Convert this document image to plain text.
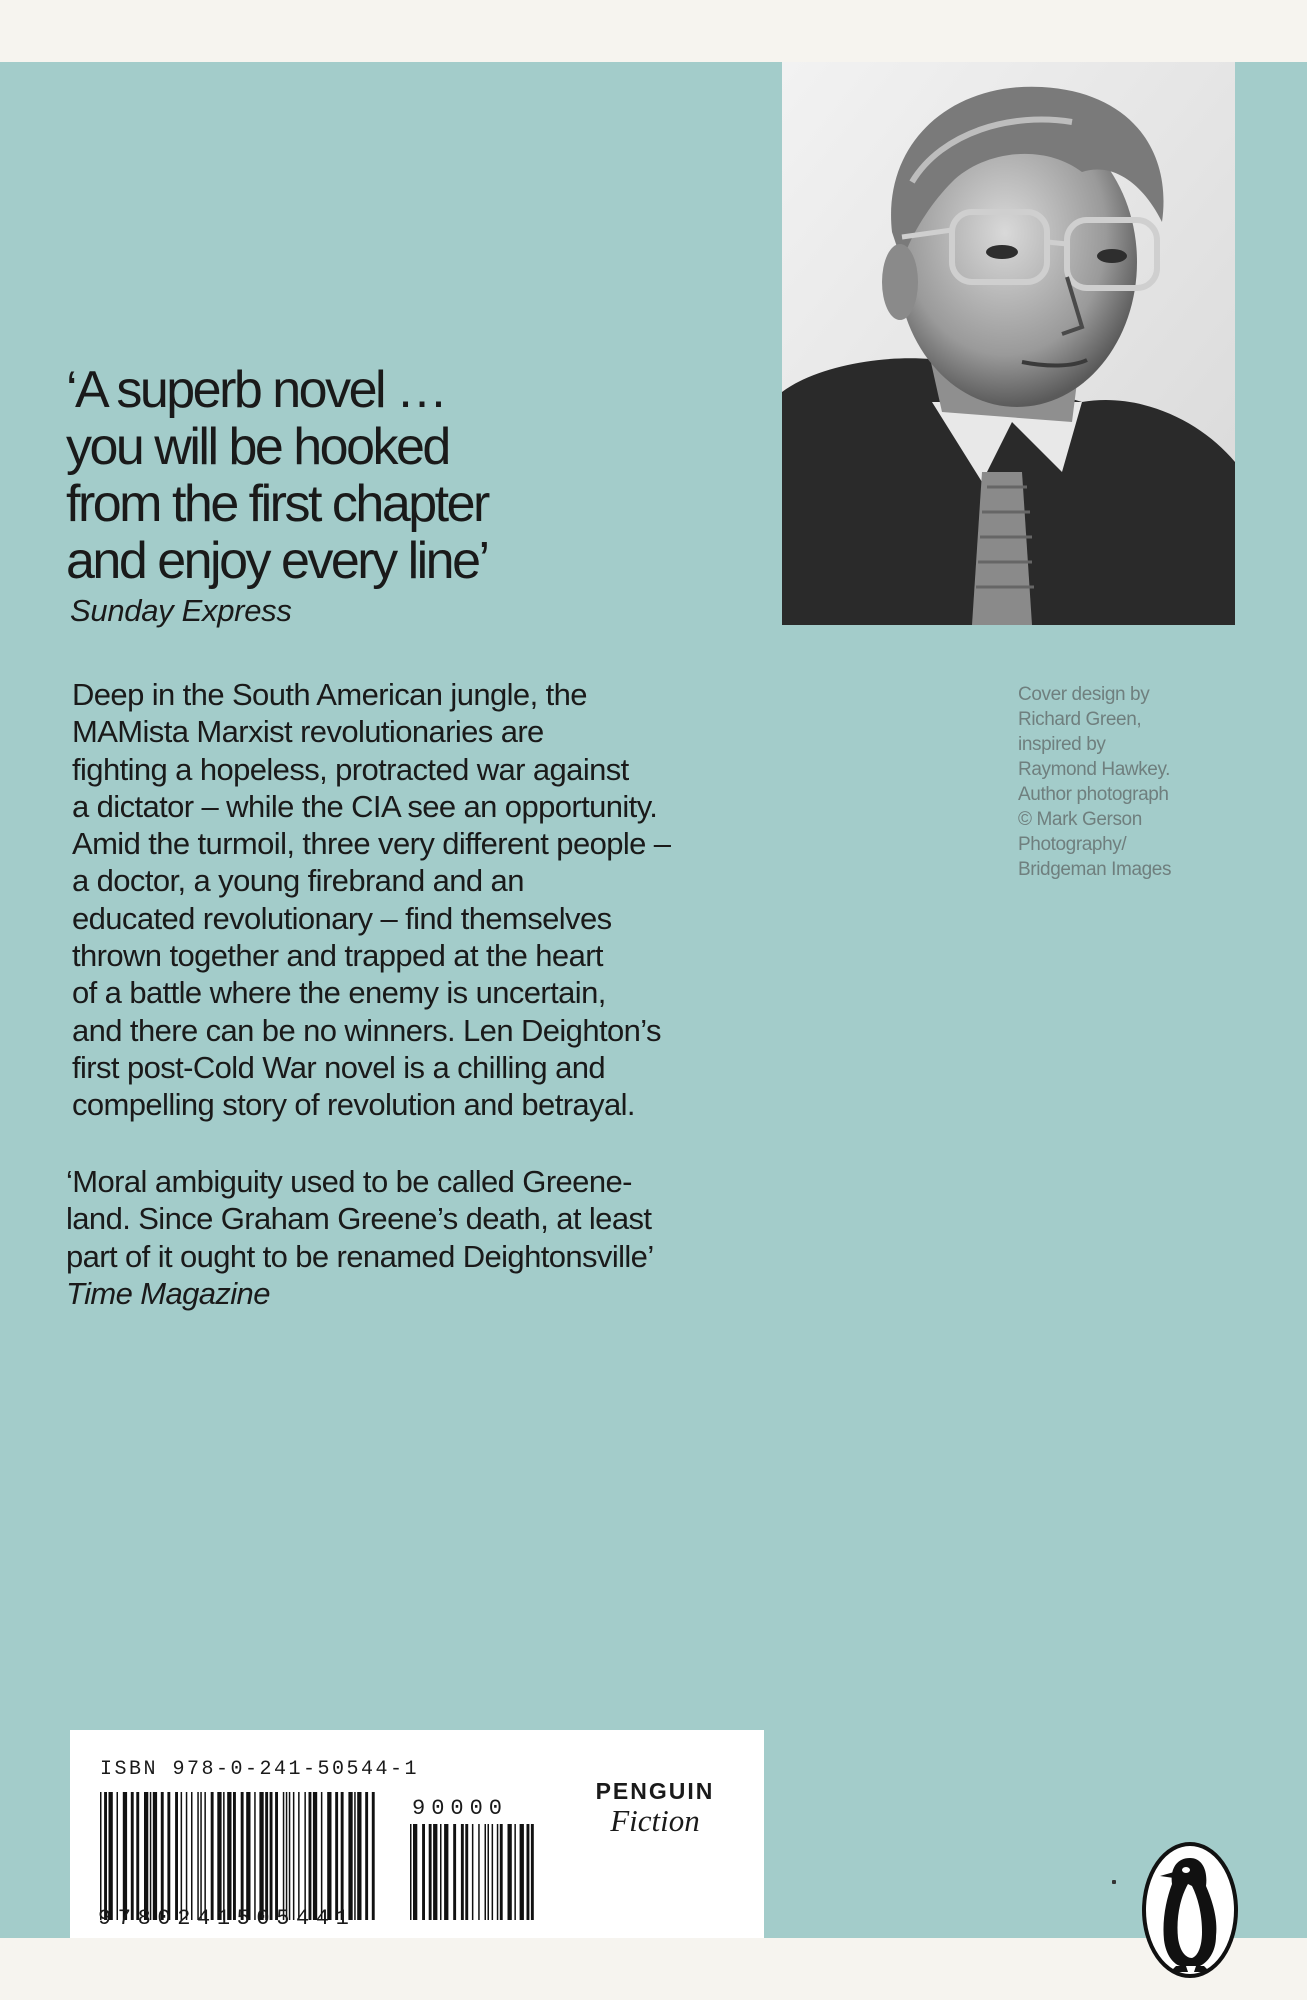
‘A superb novel …
you will be hooked
from the first chapter
and enjoy every line’
Sunday Express

Deep in the South American jungle, the
MAMista Marxist revolutionaries are
fighting a hopeless, protracted war against
a dictator – while the CIA see an opportunity.
Amid the turmoil, three very different people –
a doctor, a young firebrand and an
educated revolutionary – find themselves
thrown together and trapped at the heart
of a battle where the enemy is uncertain,
and there can be no winners. Len Deighton’s
first post-Cold War novel is a chilling and
compelling story of revolution and betrayal.

‘Moral ambiguity used to be called Greene-
land. Since Graham Greene’s death, at least
part of it ought to be renamed Deightonsville’
Time Magazine

Cover design by
Richard Green,
inspired by
Raymond Hawkey.
Author photograph
© Mark Gerson
Photography/
Bridgeman Images

ISBN 978-0-241-50544-1
90000
9780241505441
PENGUIN
Fiction
